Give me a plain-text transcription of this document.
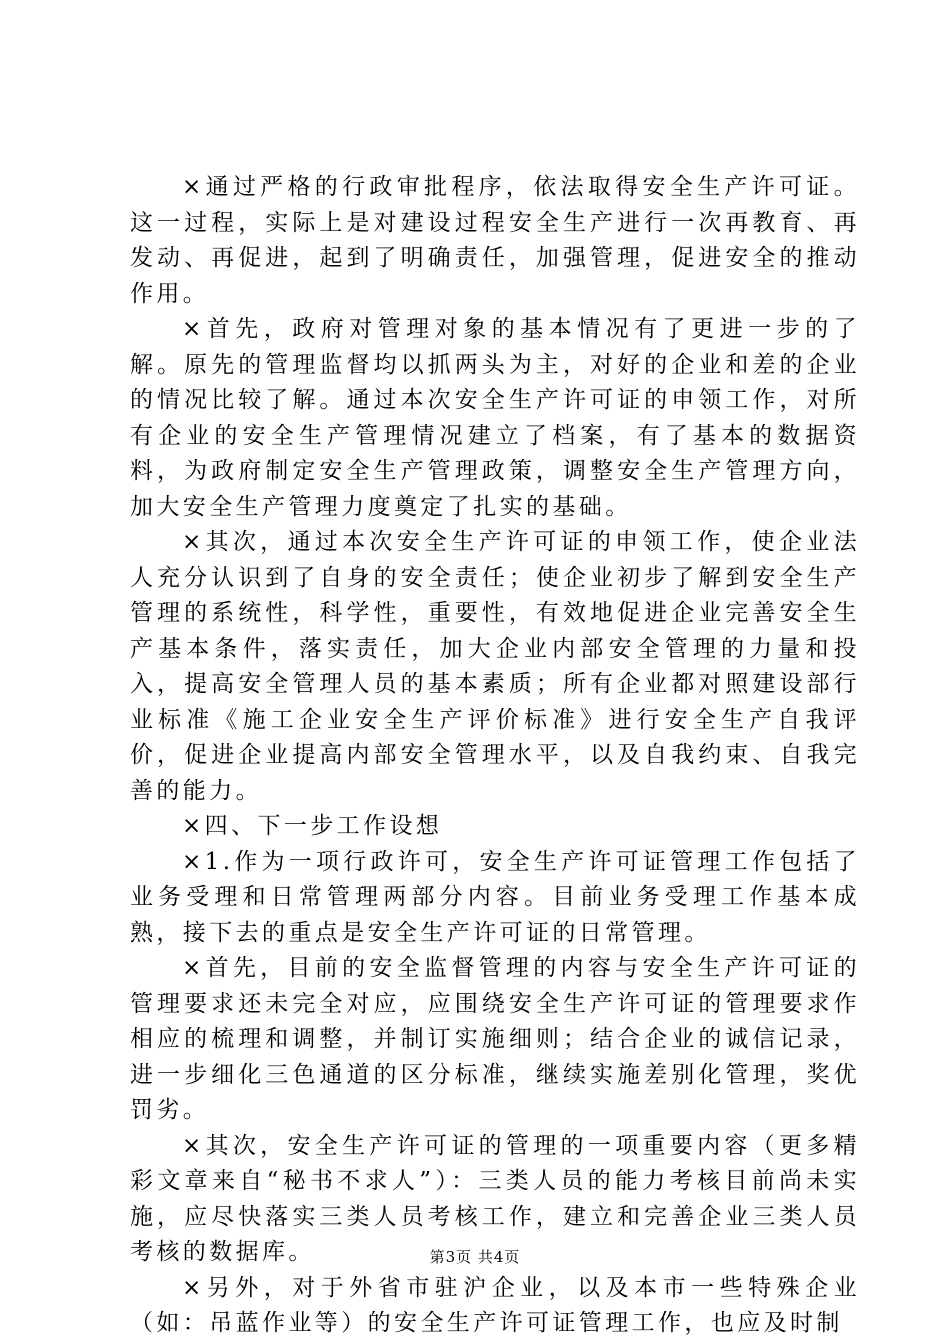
×通过严格的行政审批程序，依法取得安全生产许可证。这一过程，实际上是对建设过程安全生产进行一次再教育、再发动、再促进，起到了明确责任，加强管理，促进安全的推动作用。

×首先，政府对管理对象的基本情况有了更进一步的了解。原先的管理监督均以抓两头为主，对好的企业和差的企业的情况比较了解。通过本次安全生产许可证的申领工作，对所有企业的安全生产管理情况建立了档案，有了基本的数据资料，为政府制定安全生产管理政策，调整安全生产管理方向，加大安全生产管理力度奠定了扎实的基础。

×其次，通过本次安全生产许可证的申领工作，使企业法人充分认识到了自身的安全责任；使企业初步了解到安全生产管理的系统性，科学性，重要性，有效地促进企业完善安全生产基本条件，落实责任，加大企业内部安全管理的力量和投入，提高安全管理人员的基本素质；所有企业都对照建设部行业标准《施工企业安全生产评价标准》进行安全生产自我评价，促进企业提高内部安全管理水平，以及自我约束、自我完善的能力。

×四、下一步工作设想

×1.作为一项行政许可，安全生产许可证管理工作包括了业务受理和日常管理两部分内容。目前业务受理工作基本成熟，接下去的重点是安全生产许可证的日常管理。

×首先，目前的安全监督管理的内容与安全生产许可证的管理要求还未完全对应，应围绕安全生产许可证的管理要求作相应的梳理和调整，并制订实施细则；结合企业的诚信记录，进一步细化三色通道的区分标准，继续实施差别化管理，奖优罚劣。

×其次，安全生产许可证的管理的一项重要内容（更多精彩文章来自“秘书不求人”）：三类人员的能力考核目前尚未实施，应尽快落实三类人员考核工作，建立和完善企业三类人员考核的数据库。

×另外，对于外省市驻沪企业，以及本市一些特殊企业（如：吊蓝作业等）的安全生产许可证管理工作，也应及时制

第3页 共4页
